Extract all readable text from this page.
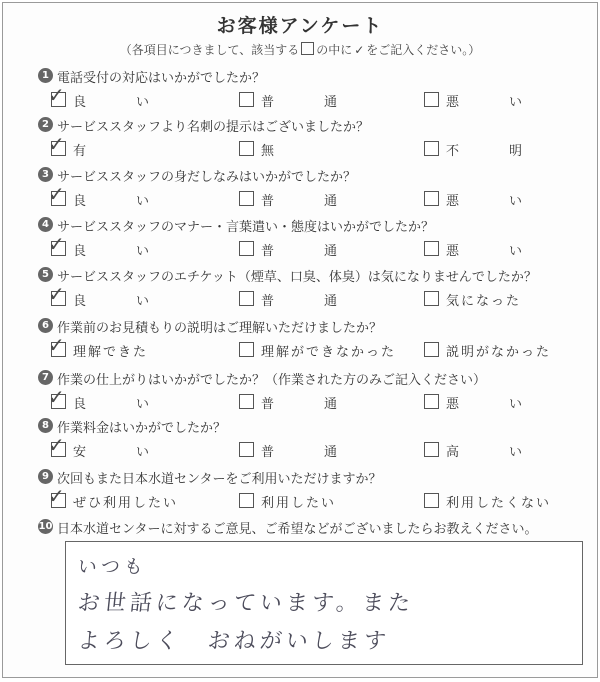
お客様アンケート
（各項目につきまして、該当する の中に ✓ をご記入ください。）
1 電話受付の対応はいかがでしたか？
✓ 良い	普通	悪い
2 サービススタッフより名刺の提示はございましたか？
✓ 有	無	不明
3 サービススタッフの身だしなみはいかがでしたか？
✓ 良い	普通	悪い
4 サービススタッフのマナー・言葉遣い・態度はいかがでしたか？
✓ 良い	普通	悪い
5 サービススタッフのエチケット（煙草、口臭、体臭）は気になりませんでしたか？
✓ 良い	普通	気になった
6 作業前のお見積もりの説明はご理解いただけましたか？
✓ 理解できた	理解ができなかった	説明がなかった
7 作業の仕上がりはいかがでしたか？（作業された方のみご記入ください）
✓ 良い	普通	悪い
8 作業料金はいかがでしたか？
✓ 安い	普通	高い
9 次回もまた日本水道センターをご利用いただけますか？
✓ ぜひ利用したい	利用したい	利用したくない
10 日本水道センターに対するご意見、ご希望などがございましたらお教えください。
いつも
お世話になっています。また
よろしく　おねがいします
